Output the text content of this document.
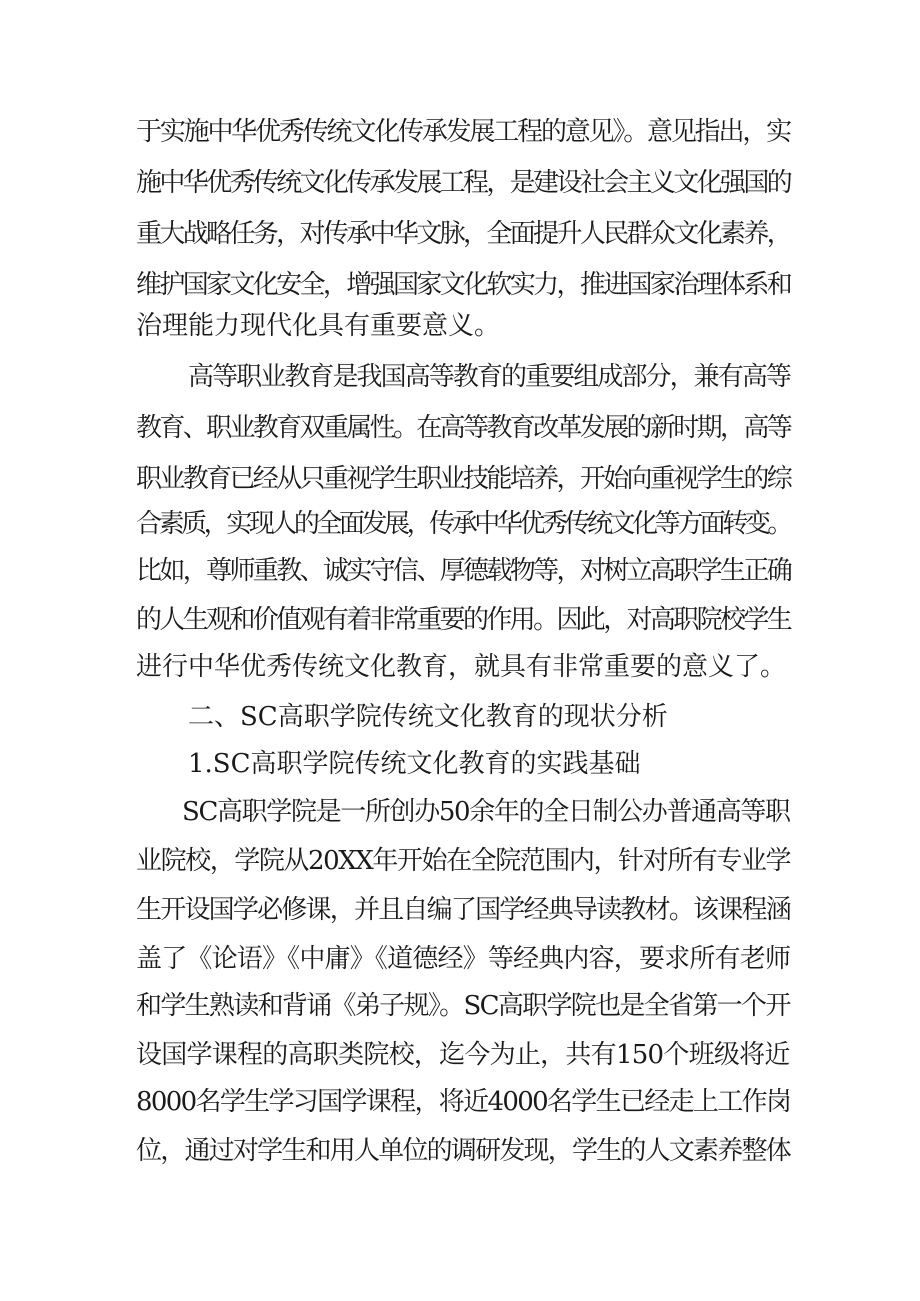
于实施中华优秀传统文化传承发展工程的意见》。意见指出，实
施中华优秀传统文化传承发展工程，是建设社会主义文化强国的
重大战略任务，对传承中华文脉，全面提升人民群众文化素养，
维护国家文化安全，增强国家文化软实力，推进国家治理体系和
治理能力现代化具有重要意义。
高等职业教育是我国高等教育的重要组成部分，兼有高等
教育、职业教育双重属性。在高等教育改革发展的新时期，高等
职业教育已经从只重视学生职业技能培养，开始向重视学生的综
合素质，实现人的全面发展，传承中华优秀传统文化等方面转变。
比如，尊师重教、诚实守信、厚德载物等，对树立高职学生正确
的人生观和价值观有着非常重要的作用。因此，对高职院校学生
进行中华优秀传统文化教育，就具有非常重要的意义了。
二、SC高职学院传统文化教育的现状分析
1.SC高职学院传统文化教育的实践基础
SC高职学院是一所创办50余年的全日制公办普通高等职
业院校，学院从20XX年开始在全院范围内，针对所有专业学
生开设国学必修课，并且自编了国学经典导读教材。该课程涵
盖了《论语》《中庸》《道德经》等经典内容，要求所有老师
和学生熟读和背诵《弟子规》。SC高职学院也是全省第一个开
设国学课程的高职类院校，迄今为止，共有150个班级将近
8000名学生学习国学课程，将近4000名学生已经走上工作岗
位，通过对学生和用人单位的调研发现，学生的人文素养整体
